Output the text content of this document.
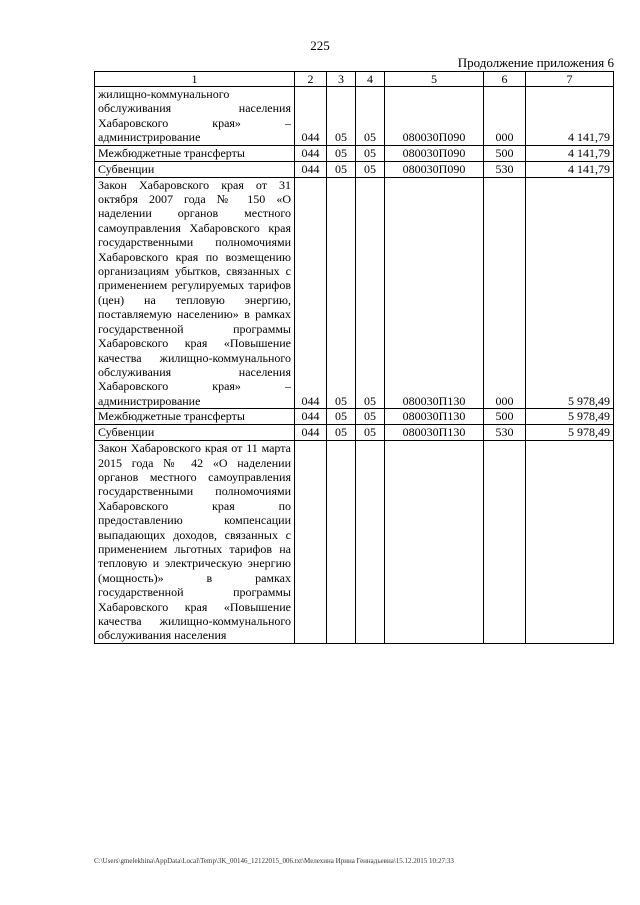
225
Продолжение приложения 6
1	2	3	4	5	6	7
жилищно-коммунального обслуживания населения Хабаровского края» – администрирование	044	05	05	080030П090	000	4 141,79
Межбюджетные трансферты	044	05	05	080030П090	500	4 141,79
Субвенции	044	05	05	080030П090	530	4 141,79
Закон Хабаровского края от 31 октября 2007 года № 150 «О наделении органов местного самоуправления Хабаровского края государственными полномочиями Хабаровского края по возмещению организациям убытков, связанных с применением регулируемых тарифов (цен) на тепловую энергию, поставляемую населению» в рамках государственной программы Хабаровского края «Повышение качества жилищно-коммунального обслуживания населения Хабаровского края» – администрирование	044	05	05	080030П130	000	5 978,49
Межбюджетные трансферты	044	05	05	080030П130	500	5 978,49
Субвенции	044	05	05	080030П130	530	5 978,49
Закон Хабаровского края от 11 марта 2015 года № 42 «О наделении органов местного самоуправления государственными полномочиями Хабаровского края по предоставлению компенсации выпадающих доходов, связанных с применением льготных тарифов на тепловую и электрическую энергию (мощность)» в рамках государственной программы Хабаровского края «Повышение качества жилищно-коммунального обслуживания населения						
C:\Users\gmelekhina\AppData\Local\Temp\3K_00146_12122015_006.txt\Мелехина Ирина Геннадьевна\15.12.2015 10:27:33
